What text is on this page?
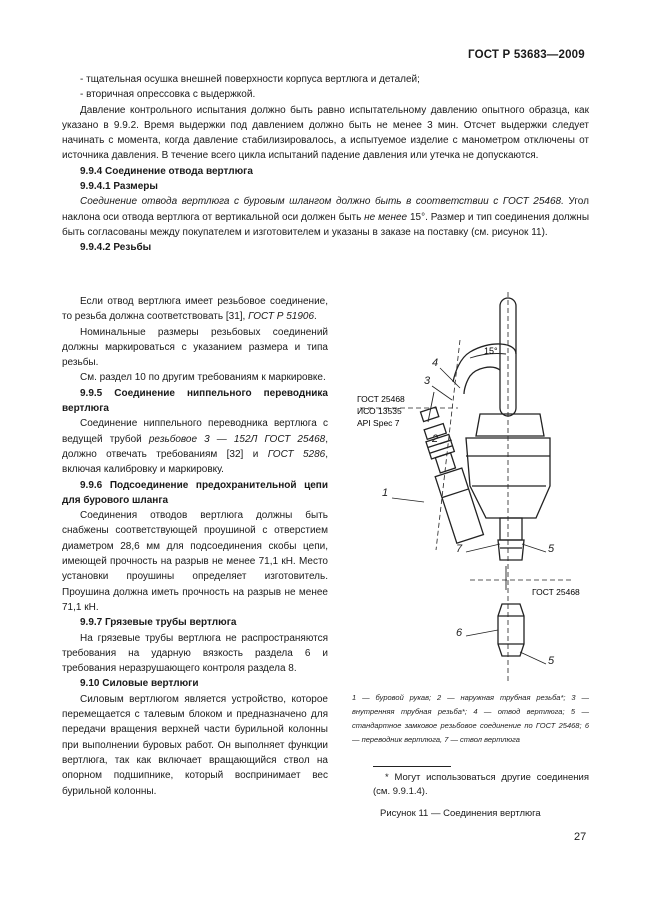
ГОСТ Р 53683—2009

- тщательная осушка внешней поверхности корпуса вертлюга и деталей;

- вторичная опрессовка с выдержкой.

Давление контрольного испытания должно быть равно испытательному давлению опытного образца, как указано в 9.9.2. Время выдержки под давлением должно быть не менее 3 мин. Отсчет выдержки следует начинать с момента, когда давление стабилизировалось, а испытуемое изделие с манометром отключены от источника давления. В течение всего цикла испытаний падение давления или утечка не допускаются.

9.9.4 Соединение отвода вертлюга

9.9.4.1 Размеры

Соединение отвода вертлюга с буровым шлангом должно быть в соответствии с ГОСТ 25468. Угол наклона оси отвода вертлюга от вертикальной оси должен быть не менее 15°. Размер и тип соединения должны быть согласованы между покупателем и изготовителем и указаны в заказе на поставку (см. рисунок 11).

9.9.4.2 Резьбы

Если отвод вертлюга имеет резьбовое соединение, то резьба должна соответствовать [31], ГОСТ Р 51906.

Номинальные размеры резьбовых соединений должны маркироваться с указанием размера и типа резьбы.

См. раздел 10 по другим требованиям к маркировке.

9.9.5 Соединение ниппельного переводника вертлюга

Соединение ниппельного переводника вертлюга с ведущей трубой резьбовое 3 — 152Л ГОСТ 25468, должно отвечать требованиям [32] и ГОСТ 5286, включая калибровку и маркировку.

9.9.6 Подсоединение предохранительной цепи для бурового шланга

Соединения отводов вертлюга должны быть снабжены соответствующей проушиной с отверстием диаметром 28,6 мм для подсоединения скобы цепи, имеющей прочность на разрыв не менее 71,1 кН. Место установки проушины определяет изготовитель. Проушина должна иметь прочность на разрыв не менее 71,1 кН.

9.9.7 Грязевые трубы вертлюга

На грязевые трубы вертлюга не распространяются требования на ударную вязкость раздела 6 и требования неразрушающего контроля раздела 8.

9.10 Силовые вертлюги

Силовым вертлюгом является устройство, которое перемещается с талевым блоком и предназначено для передачи вращения верхней части бурильной колонны при выполнении буровых работ. Он выполняет функции вертлюга, так как включает вращающийся ствол на опорном подшипнике, который воспринимает вес бурильной колонны.

15°
ГОСТ 25468
ИСО 13535
API Spec 7
ГОСТ 25468
4
3
2
1
7	5
6
5

1 — буровой рукав; 2 — наружная трубная резьба*; 3 — внутренняя трубная резьба*; 4 — отвод вертлюга; 5 — стандартное замковое резьбовое соединение по ГОСТ 25468; 6 — переводник вертлюга, 7 — ствол вертлюга

* Могут использоваться другие соединения (см. 9.9.1.4).

Рисунок 11 — Соединения вертлюга
27
